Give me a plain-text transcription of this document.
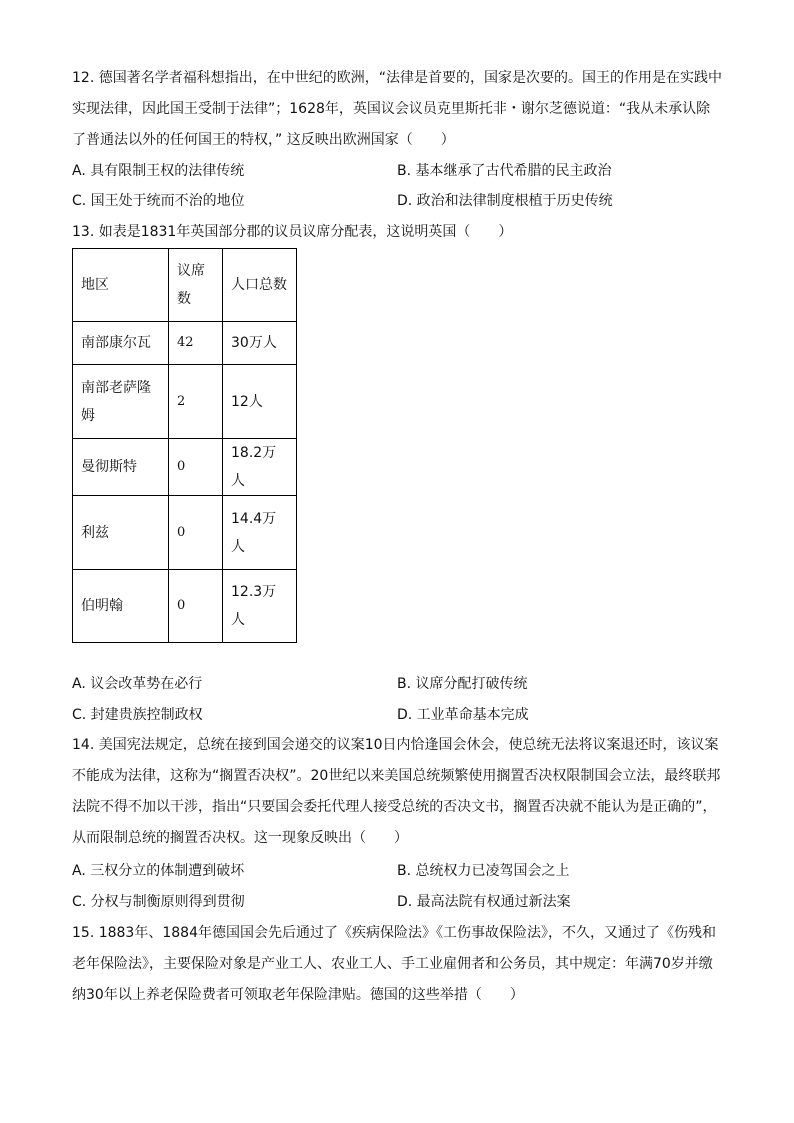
12. 德国著名学者福科想指出，在中世纪的欧洲，“法律是首要的，国家是次要的。国王的作用是在实践中实现法律，因此国王受制于法律”；1628年，英国议会议员克里斯托非・谢尔芝德说道：“我从未承认除了普通法以外的任何国王的特权，” 这反映出欧洲国家（　　）

A. 具有限制王权的法律传统	B. 基本继承了古代希腊的民主政治
C. 国王处于统而不治的地位	D. 政治和法律制度根植于历史传统
13. 如表是1831年英国部分郡的议员议席分配表，这说明英国（　　）
地区	议席数	人口总数
南部康尔瓦	42	30万人
南部老萨隆姆	2	12人
曼彻斯特	0	18.2万人
利兹	0	14.4万人
伯明翰	0	12.3万人
A. 议会改革势在必行	B. 议席分配打破传统
C. 封建贵族控制政权	D. 工业革命基本完成

14. 美国宪法规定，总统在接到国会递交的议案10日内恰逢国会休会，使总统无法将议案退还时，该议案不能成为法律，这称为“搁置否决权”。20世纪以来美国总统频繁使用搁置否决权限制国会立法，最终联邦法院不得不加以干涉，指出“只要国会委托代理人接受总统的否决文书，搁置否决就不能认为是正确的”，从而限制总统的搁置否决权。这一现象反映出（　　）

A. 三权分立的体制遭到破坏	B. 总统权力已凌驾国会之上
C. 分权与制衡原则得到贯彻	D. 最高法院有权通过新法案

15. 1883年、1884年德国国会先后通过了《疾病保险法》《工伤事故保险法》，不久，又通过了《伤残和老年保险法》，主要保险对象是产业工人、农业工人、手工业雇佣者和公务员，其中规定：年满70岁并缴纳30年以上养老保险费者可领取老年保险津贴。德国的这些举措（　　）
